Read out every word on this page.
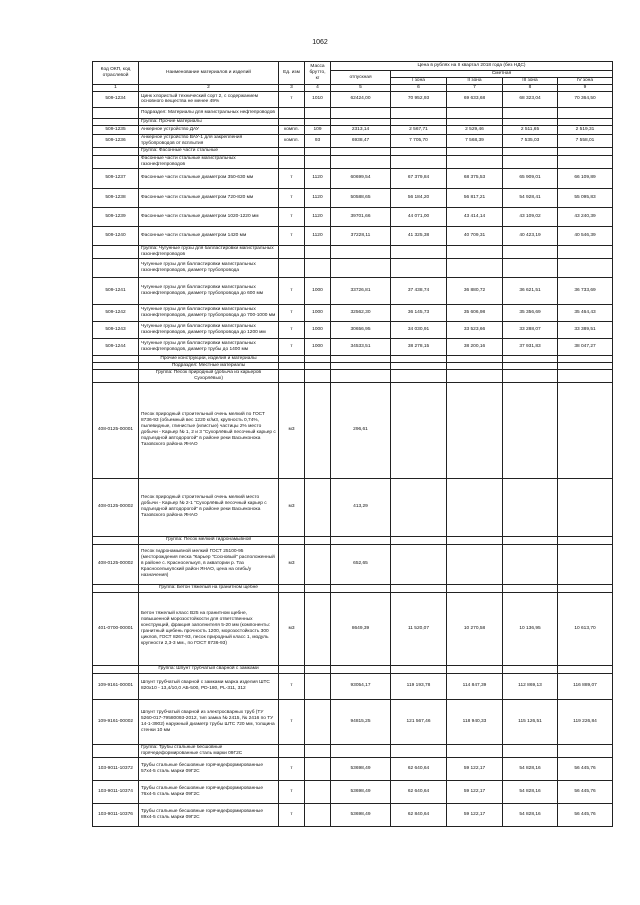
1062
Код ОКП, код отраслевой	Наименование материалов и изделий	Ед. изм	Масса брутто, кг	Цена в рублях на II квартал 2018 года (без НДС)				
				отпускная	Сметная			
					I зона	II зона	III зона	IV зона
1	2	3	4	5	6	7	8	9
509-1234	Цинк хлористый технический сорт 2, с содержанием основного вещества не менее 49%	т	1010	62424,00	70 952,93	69 633,68	68 323,04	70 364,50
	Подраздел: Материалы для магистральных нефтепроводов							
	Группа: Прочие материалы							
509-1235	Анкерное устройство ДАУ	компл.	109	2313,14	2 567,71	2 529,46	2 511,65	2 519,31
509-1236	Анкерное устройство ВАУ-1 для закрепления трубопроводов от всплытия	компл.	93	6938,47	7 705,70	7 568,39	7 535,03	7 558,01
	Группа: Фасонные части стальные							
	Фасонные части стальные магистральных газонефтепроводов							
509-1237	Фасонные части стальные диаметром 350-630 мм	т	1120	60699,54	67 379,84	68 375,53	65 909,01	66 109,89
509-1238	Фасонные части стальные диаметром 720-820 мм	т	1120	50588,65	56 184,20	56 817,21	54 928,41	55 095,83
509-1239	Фасонные части стальные диаметром 1020-1220 мм	т	1120	39701,66	44 071,00	43 414,14	43 109,02	43 240,39
509-1240	Фасонные части стальные диаметром 1420 мм	т	1120	37228,11	41 325,38	40 709,31	40 423,19	40 546,39
	Группа: Чугунные грузы для балластировки магистральных газонефтепроводов							
	Чугунные грузы для балластировки магистральных газонефтепроводов, диаметр трубопровода							
509-1241	Чугунные грузы для балластировки магистральных газонефтепроводов, диаметр трубопровода до 600 мм	т	1000	33726,81	37 438,74	36 880,72	36 621,51	36 733,69
509-1242	Чугунные грузы для балластировки магистральных газонефтепроводов, диаметр трубопровода до 700-1000 мм	т	1000	32562,30	36 145,73	35 606,98	35 356,69	35 464,43
509-1243	Чугунные грузы для балластировки магистральных газонефтепроводов, диаметр трубопровода до 1200 мм	т	1000	30656,95	34 030,91	33 523,66	33 288,07	33 389,51
509-1244	Чугунные грузы для балластировки магистральных газонефтепроводов, диаметр трубы до 1400 мм	т	1000	34533,51	38 278,15	38 200,16	37 931,83	38 047,27
	Прочие конструкции, изделия и материалы							
	Подраздел: Местные материалы							
	Группа: Песок природный (добыча из карьеров Сухорлёвых)							
408-0125-00001	Песок природный строительный очень мелкий по ГОСТ 8736-93 (объемный вес 1220 кг/м3, крупность 0,74%, пылевидные, глинистые (илистые) частицы 2% место добычи - Карьер № 1, 2 и 3 "Сухорлёвый песочный карьер с подъездной автодорогой" в районе реки Васьеконока Тазовского района ЯНАО	м3		296,61				
408-0125-00002	Песок природный строительный очень мелкий место добычи - Карьер № 2-1 "Сухорлёвый песочный карьер с подъездной автодорогой" в районе реки Васьеконока Тазовского района ЯНАО	м3		413,29				
	Группа: Песок мелкий гидронамывной							
408-0125-00002	Песок гидронамывной мелкий ГОСТ 25100-95 (месторождения песка "Карьер "Сосновый" расположенный в районе с. Красноселькуп, в акватории р. Таз Красноселькупский район ЯНАО, цена на огибь/у назначения)	м3		652,65				
	Группа: Бетон тяжелый на гранитном щебне							
401-0700-00001	Бетон тяжелый класс В25 на гранитном щебне, повышенной морозостойкости для ответственных конструкций, фракция заполнителя 5-20 мм (компоненты: гранитный щебень прочность 1200, морозостойкость 300 циклов, ГОСТ 8267-93, песок природный класс 1, модуль крупности 2,3-3 мм., по ГОСТ 8736-93)	м3		8649,39	11 520,07	10 270,58	10 136,95	10 613,70
	Группа: Шпунт трубчатый сварной с замками							
109-9161-00001	Шпунт трубчатый сварной с замками марка изделия ШТС 820х10 - 13,4/10,0 АБ-500, РD-180, РL-311, 312	т		93054,17	119 193,78	114 847,39	112 869,13	116 889,07
109-9161-00002	Шпунт трубчатый сварной из электросварных труб (ТУ 5260-017-79580093-2012, тип замка № 2415, № 2416 по ТУ 14-1-3902) наружный диаметр трубы ШТС 720 мм, толщина стенки 10 мм	т		94815,25	121 567,46	118 940,33	115 126,51	119 226,84
	Группа: Трубы стальные бесшовные горячедеформированные сталь марки 09Г2С							
103-9011-10372	Трубы стальные бесшовные горячедеформированные 57х4-5 сталь марки 09Г2С	т		53698,49	62 640,64	59 122,17	54 828,16	56 445,76
103-9011-10374	Трубы стальные бесшовные горячедеформированные 76х4-5 сталь марки 09Г2С	т		53698,49	62 640,64	59 122,17	54 828,16	56 445,76
103-9011-10376	Трубы стальные бесшовные горячедеформированные 89х4-5 сталь марки 09Г2С	т		53698,49	62 840,64	59 122,17	54 828,16	56 445,76
